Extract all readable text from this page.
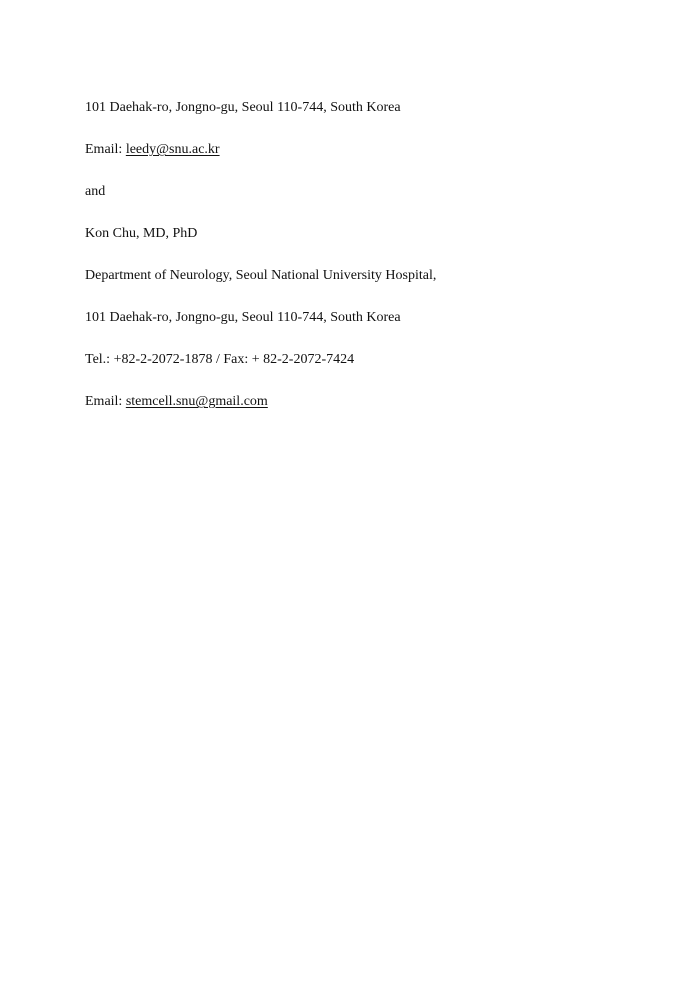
101 Daehak-ro, Jongno-gu, Seoul 110-744, South Korea
Email: leedy@snu.ac.kr
and
Kon Chu, MD, PhD
Department of Neurology, Seoul National University Hospital,
101 Daehak-ro, Jongno-gu, Seoul 110-744, South Korea
Tel.: +82-2-2072-1878 / Fax: + 82-2-2072-7424
Email: stemcell.snu@gmail.com
